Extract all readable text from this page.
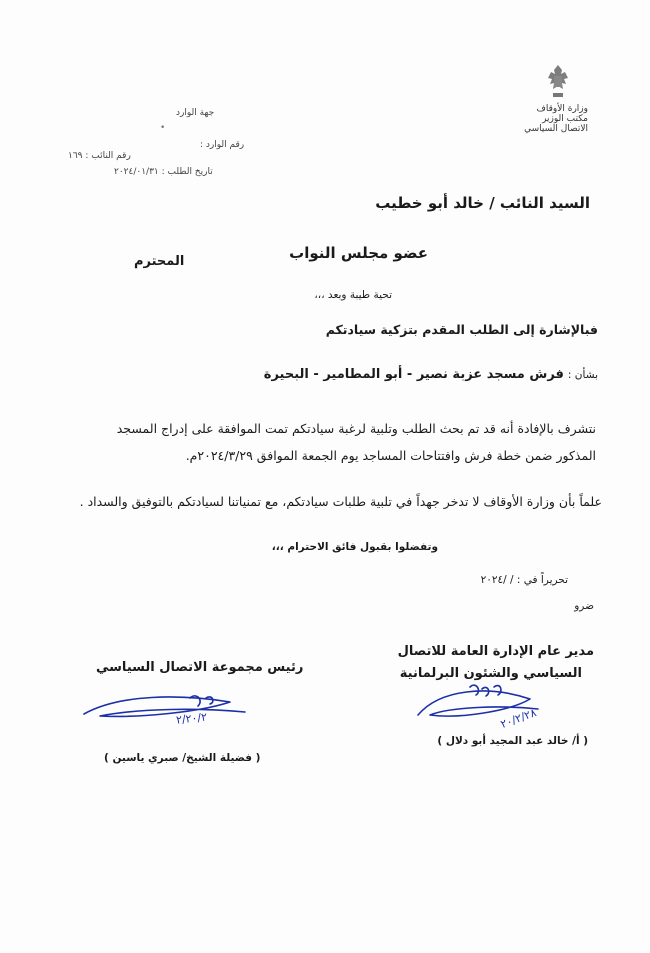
وزارة الأوقاف
مكتب الوزير
الاتصال السياسي
جهة الوارد
•
رقم الوارد :
رقم النائب : ١٦٩
تاريخ الطلب : ٢٠٢٤/٠١/٣١
السيد النائب / خالد أبو خطيب
عضو مجلس النواب
المحترم
تحية طيبة وبعد ،،،
فبالإشارة إلى الطلب المقدم بتزكية سيادتكم
بشأن :
فرش مسجد عزبة نصير - أبو المطامير - البحيرة
نتشرف بالإفادة أنه قد تم بحث الطلب وتلبية لرغبة سيادتكم تمت الموافقة على إدراج المسجد
المذكور ضمن خطة فرش وافتتاحات المساجد يوم الجمعة الموافق ٢٠٢٤/٣/٢٩م.
علماً بأن وزارة الأوقاف لا تدخر جهداً في تلبية طلبات سيادتكم، مع تمنياتنا لسيادتكم بالتوفيق والسداد .
وتفضلوا بقبول فائق الاحترام ،،،
تحريراً في : / /٢٠٢٤
ضرو
مدير عام الإدارة العامة للاتصال
السياسي والشئون البرلمانية
٢٠/٢/٢٨
( أ/ خالد عبد المجيد أبو دلال )
رئيس مجموعة الاتصال السياسي
٢/٢٠/٢
( فضيلة الشيخ/ صبري ياسين )
